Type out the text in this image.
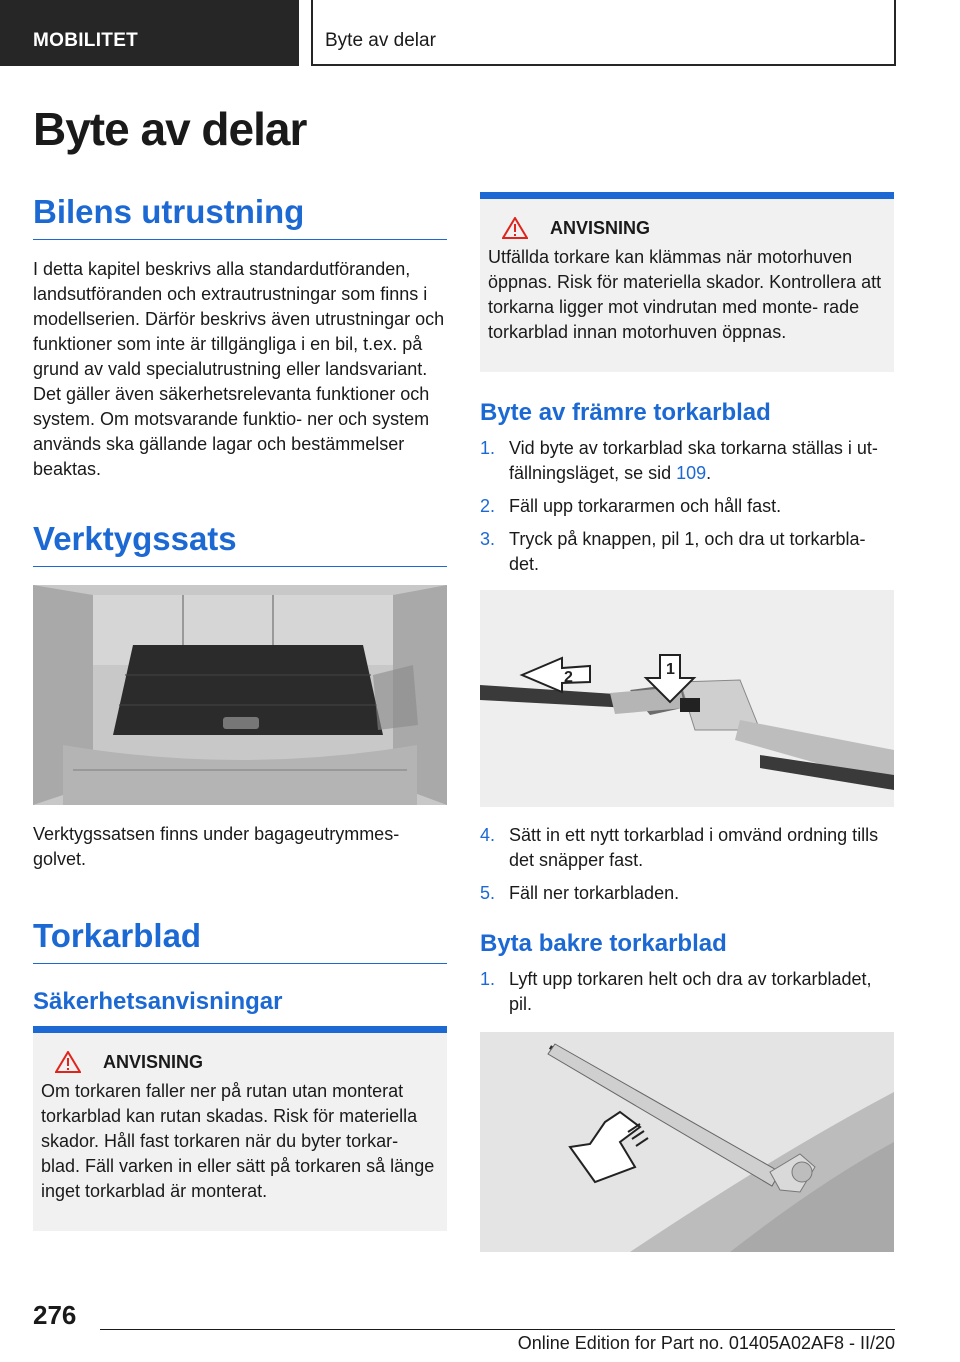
MOBILITET	Byte av delar
Byte av delar
Bilens utrustning

I detta kapitel beskrivs alla standardutföranden, landsutföranden och extrautrustningar som finns i modellserien. Därför beskrivs även utrustningar och funktioner som inte är tillgängliga i en bil, t.ex. på grund av vald specialutrustning eller landsvariant. Det gäller även säkerhetsrelevanta funktioner och system. Om motsvarande funktio‐ ner och system används ska gällande lagar och bestämmelser beaktas.

Verktygssats

Verktygssatsen finns under bagageutrymmes‐ golvet.

Torkarblad
Säkerhetsanvisningar
ANVISNING

Om torkaren faller ner på rutan utan monterat torkarblad kan rutan skadas. Risk för materiella skador. Håll fast torkaren när du byter torkar‐ blad. Fäll varken in eller sätt på torkaren så länge inget torkarblad är monterat.

ANVISNING

Utfällda torkare kan klämmas när motorhuven öppnas. Risk för materiella skador. Kontrollera att torkarna ligger mot vindrutan med monte‐ rade torkarblad innan motorhuven öppnas.

Byte av främre torkarblad
1. Vid byte av torkarblad ska torkarna ställas i ut‐ fällningsläget, se sid 109.
2. Fäll upp torkararmen och håll fast.
3. Tryck på knappen, pil 1, och dra ut torkarbla‐ det.
2	1
4. Sätt in ett nytt torkarblad i omvänd ordning tills det snäpper fast.
5. Fäll ner torkarbladen.
Byta bakre torkarblad
1. Lyft upp torkaren helt och dra av torkarbladet, pil.
276
Online Edition for Part no. 01405A02AF8 - II/20
